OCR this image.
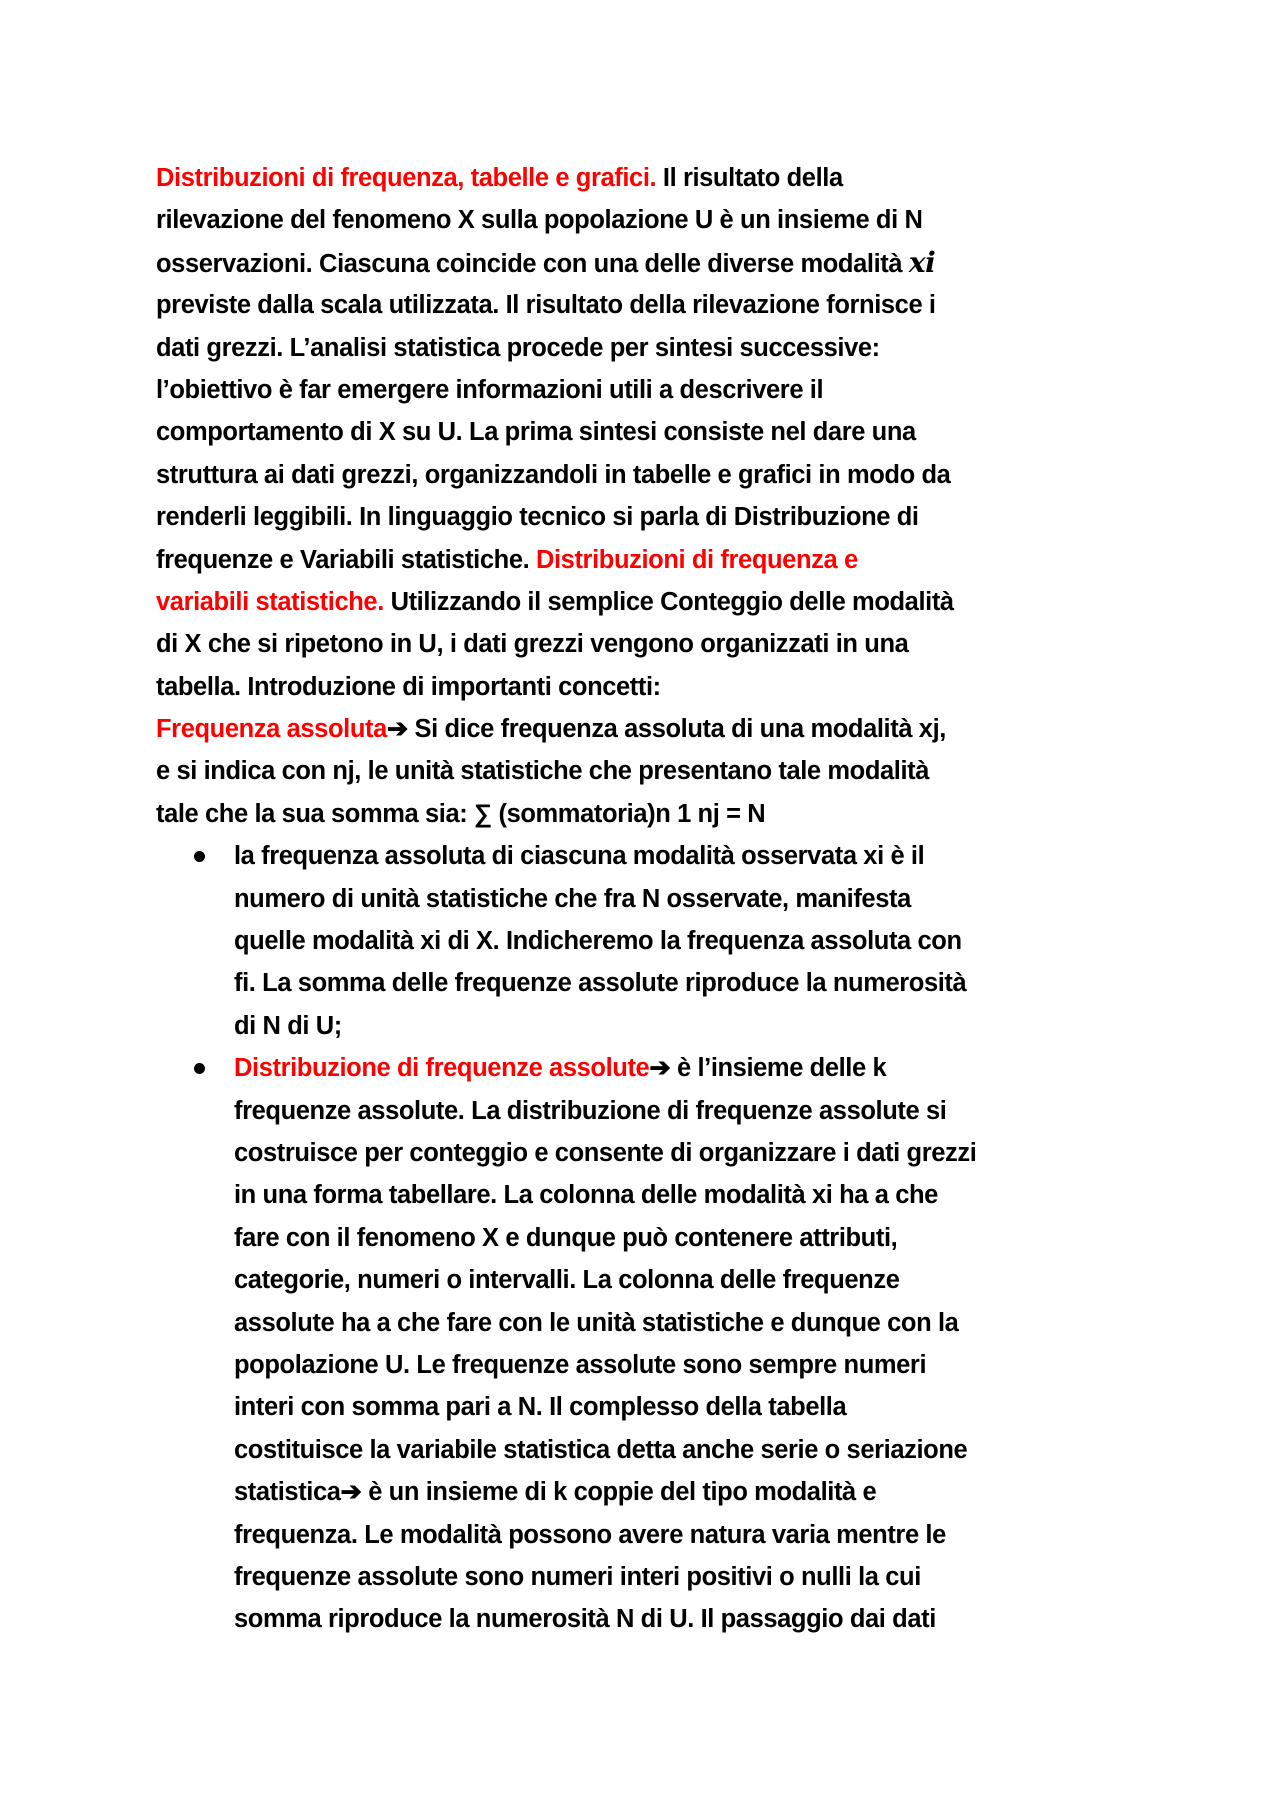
Distribuzioni di frequenza, tabelle e grafici. Il risultato della
rilevazione del fenomeno X sulla popolazione U è un insieme di N
osservazioni. Ciascuna coincide con una delle diverse modalità xi
previste dalla scala utilizzata. Il risultato della rilevazione fornisce i
dati grezzi. L’analisi statistica procede per sintesi successive:
l’obiettivo è far emergere informazioni utili a descrivere il
comportamento di X su U. La prima sintesi consiste nel dare una
struttura ai dati grezzi, organizzandoli in tabelle e grafici in modo da
renderli leggibili. In linguaggio tecnico si parla di Distribuzione di
frequenze e Variabili statistiche. Distribuzioni di frequenza e
variabili statistiche. Utilizzando il semplice Conteggio delle modalità
di X che si ripetono in U, i dati grezzi vengono organizzati in una
tabella. Introduzione di importanti concetti:
Frequenza assoluta➔ Si dice frequenza assoluta di una modalità xj,
e si indica con nj, le unità statistiche che presentano tale modalità
tale che la sua somma sia: ∑ (sommatoria)n 1 nj = N
la frequenza assoluta di ciascuna modalità osservata xi è il
numero di unità statistiche che fra N osservate, manifesta
quelle modalità xi di X. Indicheremo la frequenza assoluta con
fi. La somma delle frequenze assolute riproduce la numerosità
di N di U;
Distribuzione di frequenze assolute➔ è l’insieme delle k
frequenze assolute. La distribuzione di frequenze assolute si
costruisce per conteggio e consente di organizzare i dati grezzi
in una forma tabellare. La colonna delle modalità xi ha a che
fare con il fenomeno X e dunque può contenere attributi,
categorie, numeri o intervalli. La colonna delle frequenze
assolute ha a che fare con le unità statistiche e dunque con la
popolazione U. Le frequenze assolute sono sempre numeri
interi con somma pari a N. Il complesso della tabella
costituisce la variabile statistica detta anche serie o seriazione
statistica➔ è un insieme di k coppie del tipo modalità e
frequenza. Le modalità possono avere natura varia mentre le
frequenze assolute sono numeri interi positivi o nulli la cui
somma riproduce la numerosità N di U. Il passaggio dai dati
